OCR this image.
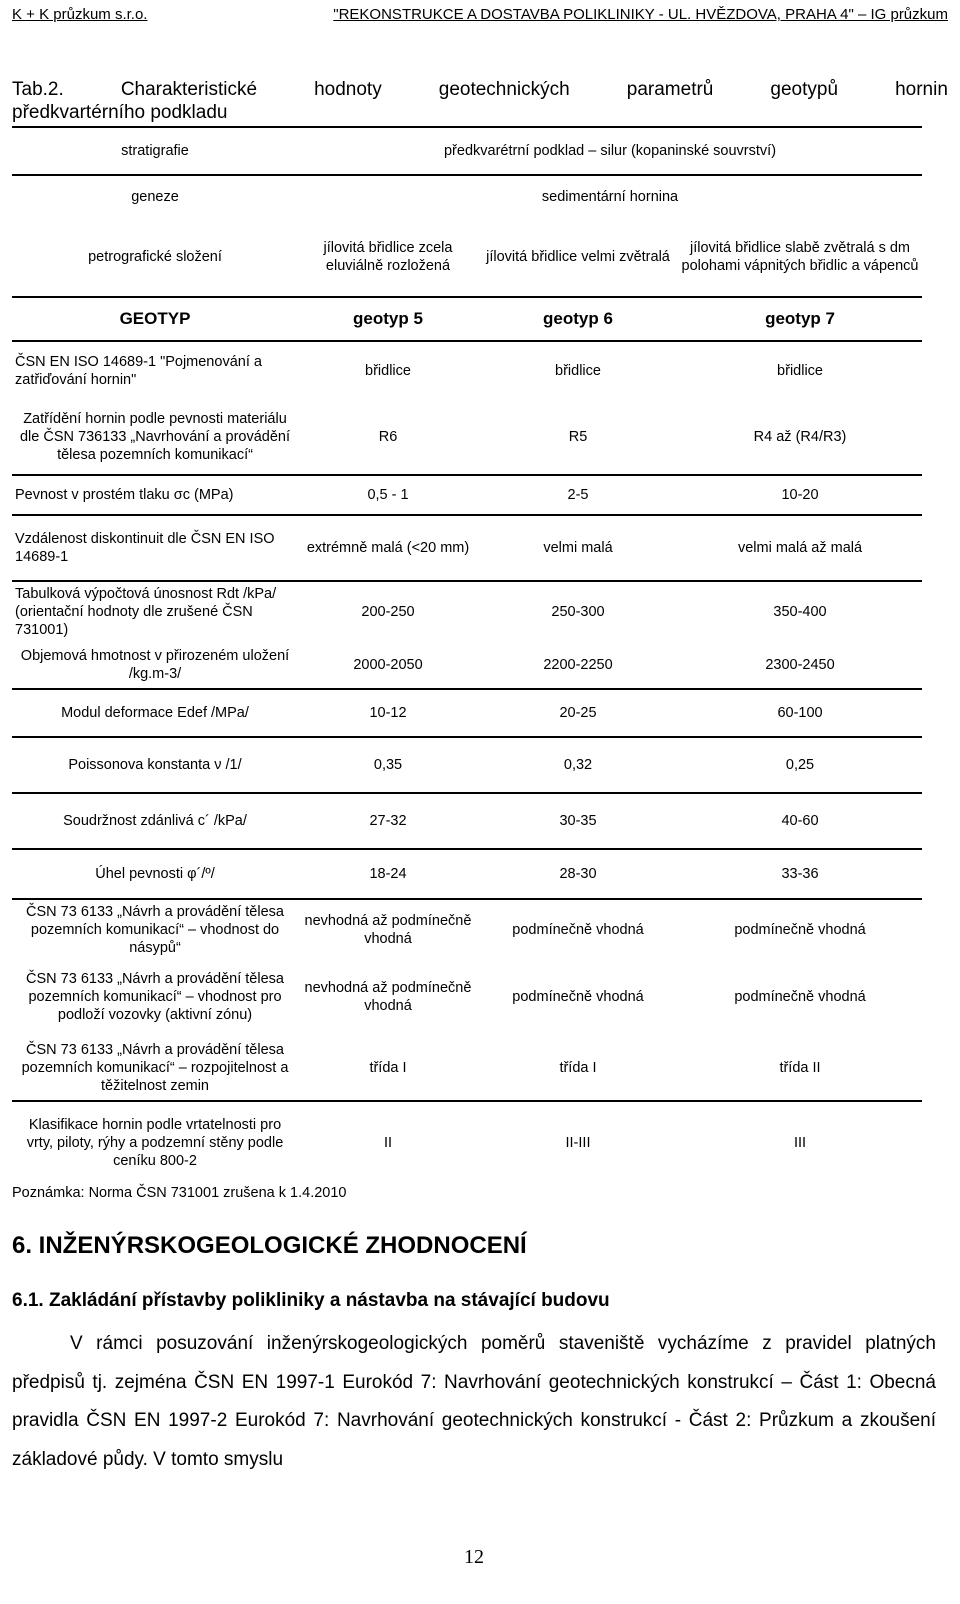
K + K průzkum s.r.o.	"REKONSTRUKCE A DOSTAVBA POLIKLINIKY - UL. HVĚZDOVA, PRAHA 4" – IG průzkum
Tab.2.	Charakteristické	hodnoty	geotechnických	parametrů	geotypů	hornin
předkvartérního podkladu
stratigrafie	předkvarétrní podklad – silur (kopaninské souvrství)		
geneze	sedimentární hornina		
petrografické složení	jílovitá břidlice zcela eluviálně rozložená	jílovitá břidlice velmi zvětralá	jílovitá břidlice slabě zvětralá s dm polohami vápnitých břidlic a vápenců
GEOTYP	geotyp 5	geotyp 6	geotyp 7
ČSN EN ISO 14689-1 "Pojmenování a zatřiďování hornin"	břidlice	břidlice	břidlice
Zatřídění hornin podle pevnosti materiálu dle ČSN 736133 „Navrhování a provádění tělesa pozemních komunikací“	R6	R5	R4 až (R4/R3)
Pevnost v prostém tlaku σc (MPa)	0,5 - 1	2-5	10-20
Vzdálenost diskontinuit dle ČSN EN ISO 14689-1	extrémně malá (<20 mm)	velmi malá	velmi malá až malá
Tabulková výpočtová únosnost Rdt /kPa/ (orientační hodnoty dle zrušené ČSN 731001)	200-250	250-300	350-400
Objemová hmotnost v přirozeném uložení /kg.m-3/	2000-2050	2200-2250	2300-2450
Modul deformace Edef /MPa/	10-12	20-25	60-100
Poissonova konstanta ν /1/	0,35	0,32	0,25
Soudržnost zdánlivá c´ /kPa/	27-32	30-35	40-60
Úhel pevnosti φ´/º/	18-24	28-30	33-36
ČSN 73 6133 „Návrh a provádění tělesa pozemních komunikací“ – vhodnost do násypů“	nevhodná až podmínečně vhodná	podmínečně vhodná	podmínečně vhodná
ČSN 73 6133 „Návrh a provádění tělesa pozemních komunikací“ – vhodnost pro podloží vozovky (aktivní zónu)	nevhodná až podmínečně vhodná	podmínečně vhodná	podmínečně vhodná
ČSN 73 6133 „Návrh a provádění tělesa pozemních komunikací“ – rozpojitelnost a těžitelnost zemin	třída I	třída I	třída II
Klasifikace hornin podle vrtatelnosti pro vrty, piloty, rýhy a podzemní stěny podle ceníku 800-2	II	II-III	III
Poznámka: Norma ČSN 731001 zrušena k 1.4.2010
6. INŽENÝRSKOGEOLOGICKÉ ZHODNOCENÍ
6.1. Zakládání přístavby polikliniky a nástavba na stávající budovu
V rámci posuzování inženýrskogeologických poměrů staveniště vycházíme z pravidel platných předpisů tj. zejména ČSN EN 1997-1 Eurokód 7: Navrhování geotechnických konstrukcí – Část 1: Obecná pravidla ČSN EN 1997-2 Eurokód 7: Navrhování geotechnických konstrukcí - Část 2: Průzkum a zkoušení základové půdy. V tomto smyslu
12
